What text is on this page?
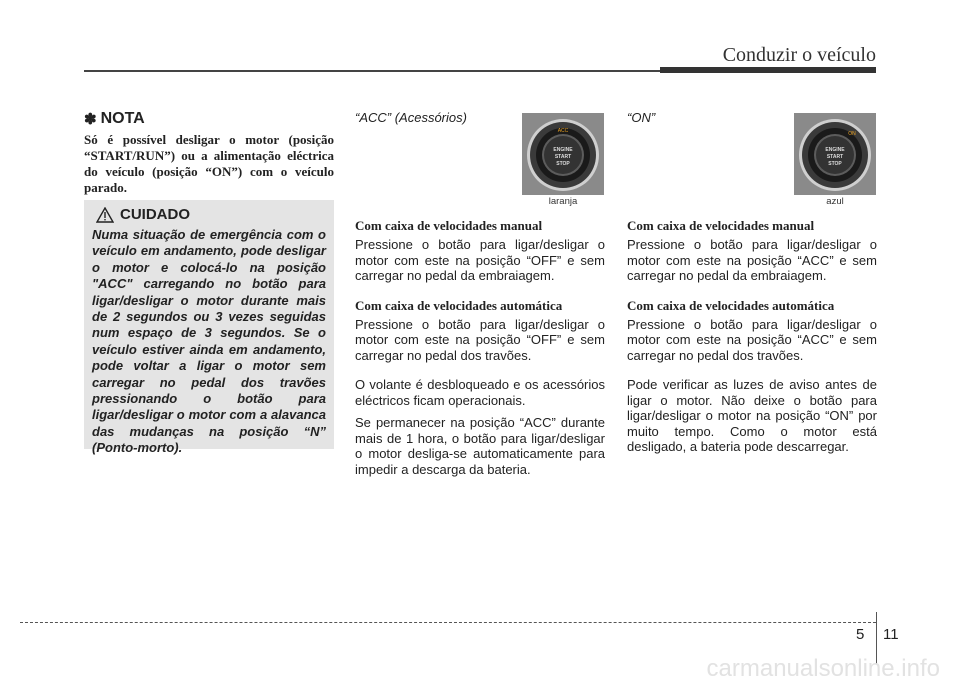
Conduzir o veículo
✽ NOTA
Só é possível desligar o motor (posição “START/RUN”) ou a alimentação eléctrica do veículo (posição “ON”) com o veículo parado.
CUIDADO
Numa situação de emergência com o veículo em andamento, pode desligar o motor e colocá-lo na posição "ACC" carregando no botão para ligar/desligar o motor durante mais de 2 segundos ou 3 vezes seguidas num espaço de 3 segundos. Se o veículo estiver ainda em andamento, pode voltar a ligar o motor sem carregar no pedal dos travões pressionando o botão para ligar/desligar o motor com a alavanca das mudanças na posição “N” (Ponto-morto).
“ACC” (Acessórios)
ACC
ENGINE
START
STOP
laranja
Com caixa de velocidades manual
Pressione o botão para ligar/desligar o motor com este na posição “OFF” e sem carregar no pedal da embraiagem.
Com caixa de velocidades automática
Pressione o botão para ligar/desligar o motor com este na posição “OFF” e sem carregar no pedal dos travões.
O volante é desbloqueado e os acessórios eléctricos ficam operacionais.
Se permanecer na posição “ACC” durante mais de 1 hora, o botão para ligar/desligar o motor desliga-se automaticamente para impedir a descarga da bateria.
“ON”
ON
ENGINE
START
STOP
azul
Com caixa de velocidades manual
Pressione o botão para ligar/desligar o motor com este na posição “ACC” e sem carregar no pedal da embraiagem.
Com caixa de velocidades automática
Pressione o botão para ligar/desligar o motor com este na posição “ACC” e sem carregar no pedal dos travões.
Pode verificar as luzes de aviso antes de ligar o motor. Não deixe o botão para ligar/desligar o motor na posição “ON” por muito tempo. Como o motor está desligado, a bateria pode descarregar.
5 11
carmanualsonline.info
